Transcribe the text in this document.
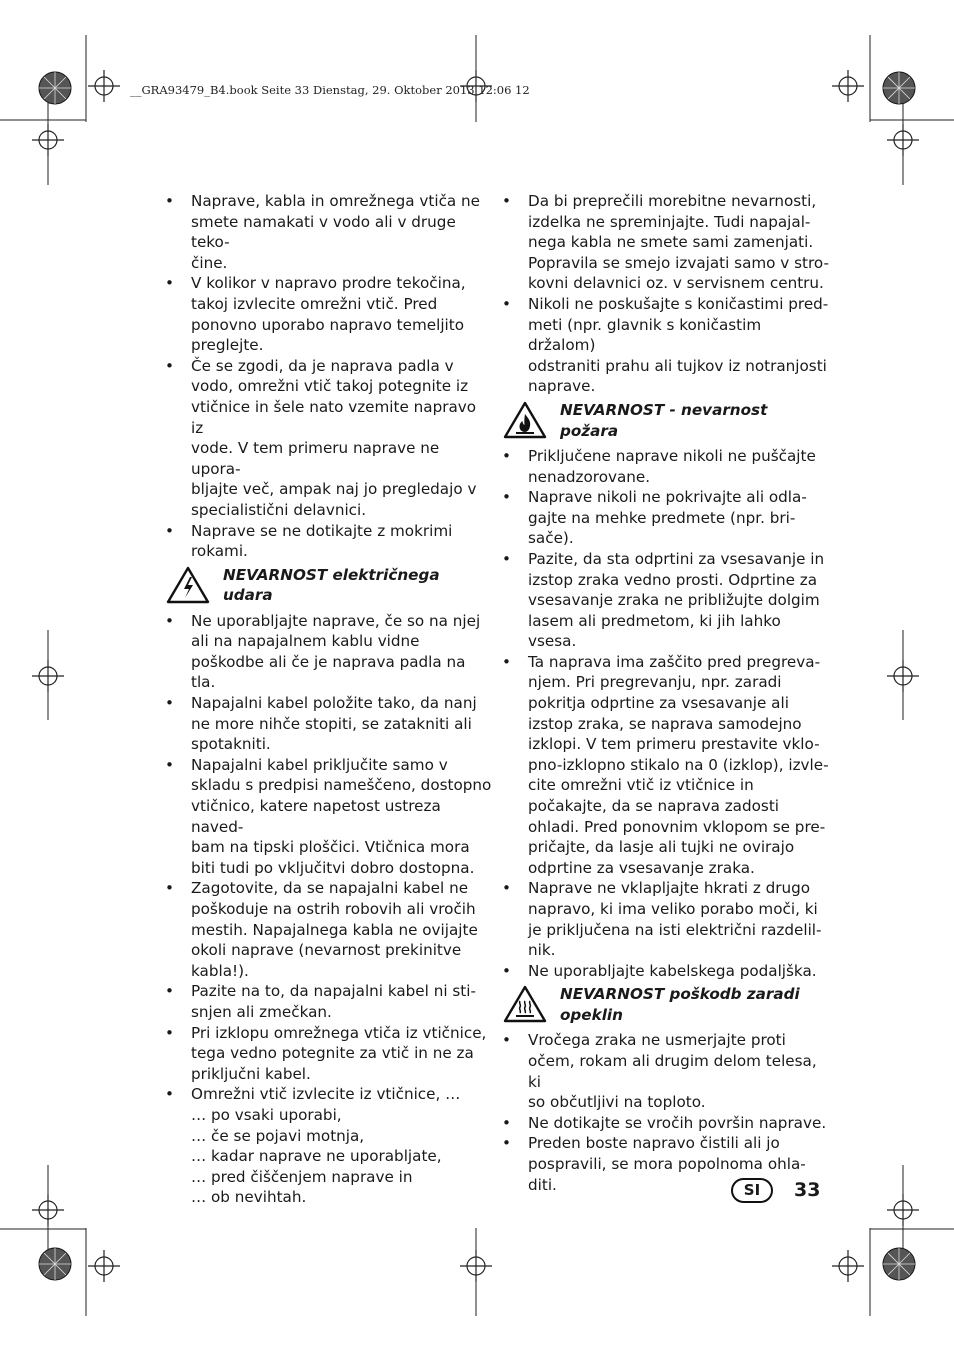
__GRA93479_B4.book Seite 33 Dienstag, 29. Oktober 2013 12:06 12
• Naprave, kabla in omrežnega vtiča ne
smete namakati v vodo ali v druge teko-
čine.
• V kolikor v napravo prodre tekočina,
takoj izvlecite omrežni vtič. Pred
ponovno uporabo napravo temeljito
preglejte.
• Če se zgodi, da je naprava padla v
vodo, omrežni vtič takoj potegnite iz
vtičnice in šele nato vzemite napravo iz
vode. V tem primeru naprave ne upora-
bljajte več, ampak naj jo pregledajo v
specialistični delavnici.
• Naprave se ne dotikajte z mokrimi
rokami.

NEVARNOST električnega

udara

• Ne uporabljajte naprave, če so na njej
ali na napajalnem kablu vidne
poškodbe ali če je naprava padla na
tla.
• Napajalni kabel položite tako, da nanj
ne more nihče stopiti, se zatakniti ali
spotakniti.
• Napajalni kabel priključite samo v
skladu s predpisi nameščeno, dostopno
vtičnico, katere napetost ustreza naved-
bam na tipski ploščici. Vtičnica mora
biti tudi po vključitvi dobro dostopna.
• Zagotovite, da se napajalni kabel ne
poškoduje na ostrih robovih ali vročih
mestih. Napajalnega kabla ne ovijajte
okoli naprave (nevarnost prekinitve
kabla!).
• Pazite na to, da napajalni kabel ni sti-
snjen ali zmečkan.
• Pri izklopu omrežnega vtiča iz vtičnice,
tega vedno potegnite za vtič in ne za
priključni kabel.
• Omrežni vtič izvlecite iz vtičnice, …
… po vsaki uporabi,
… če se pojavi motnja,
… kadar naprave ne uporabljate,
… pred čiščenjem naprave in
… ob nevihtah.
• Da bi preprečili morebitne nevarnosti,
izdelka ne spreminjajte. Tudi napajal-
nega kabla ne smete sami zamenjati.
Popravila se smejo izvajati samo v stro-
kovni delavnici oz. v servisnem centru.
• Nikoli ne poskušajte s koničastimi pred-
meti (npr. glavnik s koničastim držalom)
odstraniti prahu ali tujkov iz notranjosti
naprave.

NEVARNOST - nevarnost

požara

• Priključene naprave nikoli ne puščajte
nenadzorovane.
• Naprave nikoli ne pokrivajte ali odla-
gajte na mehke predmete (npr. bri-
sače).
• Pazite, da sta odprtini za vsesavanje in
izstop zraka vedno prosti. Odprtine za
vsesavanje zraka ne približujte dolgim
lasem ali predmetom, ki jih lahko vsesa.
• Ta naprava ima zaščito pred pregreva-
njem. Pri pregrevanju, npr. zaradi
pokritja odprtine za vsesavanje ali
izstop zraka, se naprava samodejno
izklopi. V tem primeru prestavite vklo-
pno-izklopno stikalo na 0 (izklop), izvle-
cite omrežni vtič iz vtičnice in
počakajte, da se naprava zadosti
ohladi. Pred ponovnim vklopom se pre-
pričajte, da lasje ali tujki ne ovirajo
odprtine za vsesavanje zraka.
• Naprave ne vklapljajte hkrati z drugo
napravo, ki ima veliko porabo moči, ki
je priključena na isti električni razdelil-
nik.
• Ne uporabljajte kabelskega podaljška.

NEVARNOST poškodb zaradi

opeklin

• Vročega zraka ne usmerjajte proti
očem, rokam ali drugim delom telesa, ki
so občutljivi na toploto.
• Ne dotikajte se vročih površin naprave.
• Preden boste napravo čistili ali jo
pospravili, se mora popolnoma ohla-
diti.	SI	33
